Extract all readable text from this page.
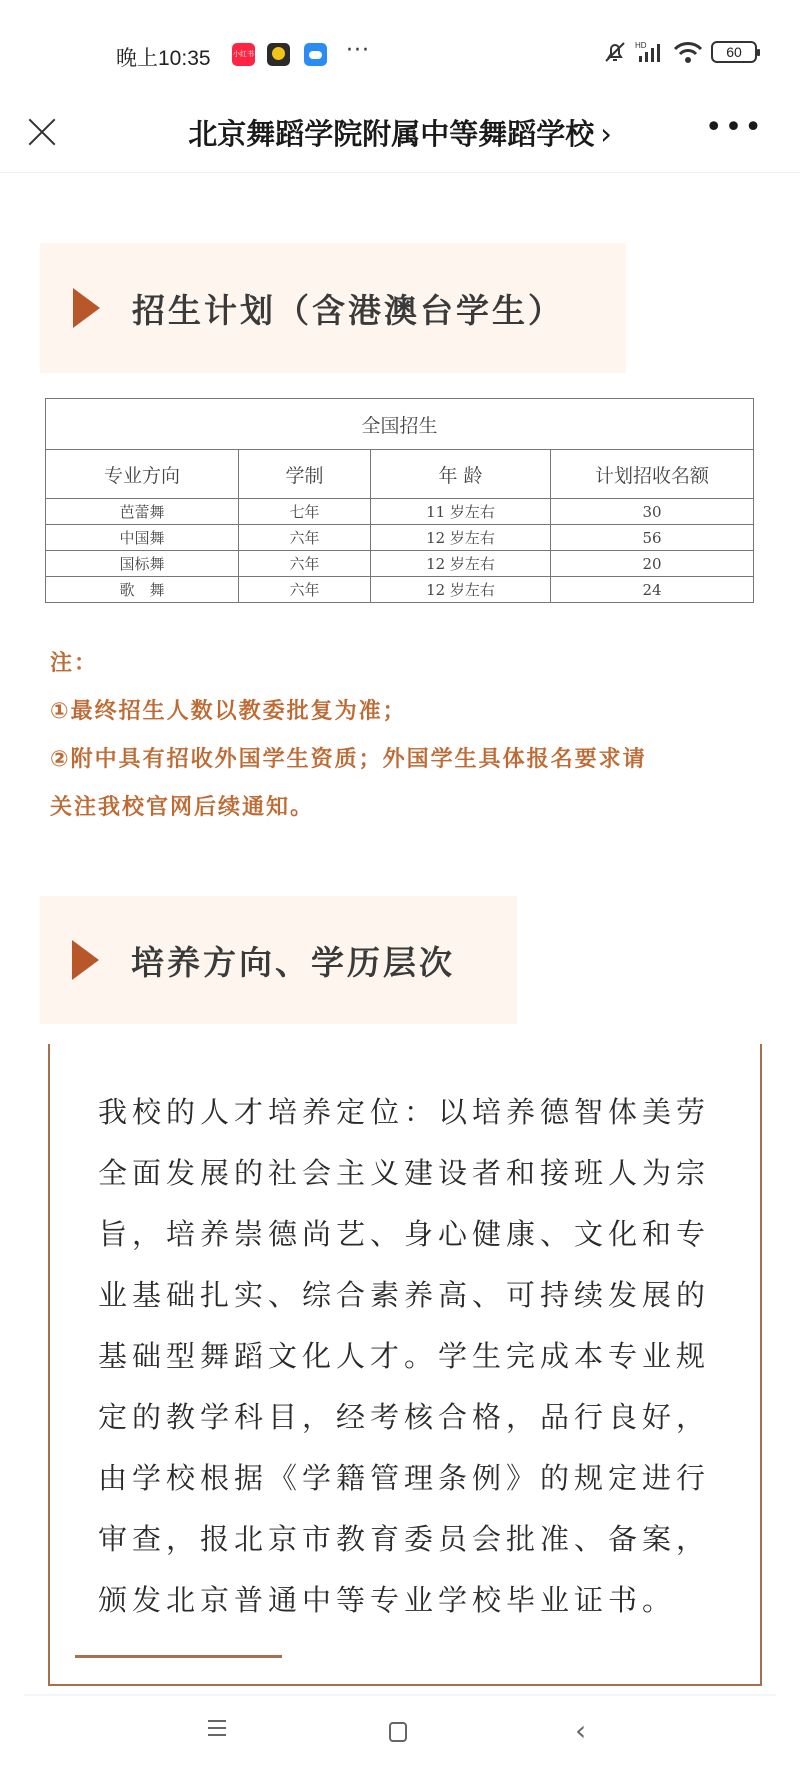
晚上10:35	小红书	···	HD	60
北京舞蹈学院附属中等舞蹈学校 ›	•••
招生计划（含港澳台学生）
全国招生			
专业方向	学制	年 龄	计划招收名额
芭蕾舞	七年	11 岁左右	30
中国舞	六年	12 岁左右	56
国标舞	六年	12 岁左右	20
歌　舞	六年	12 岁左右	24

注：

①最终招生人数以教委批复为准；

②附中具有招收外国学生资质；外国学生具体报名要求请

关注我校官网后续通知。

培养方向、学历层次
我校的人才培养定位：以培养德智体美劳
全面发展的社会主义建设者和接班人为宗
旨，培养崇德尚艺、身心健康、文化和专
业基础扎实、综合素养高、可持续发展的
基础型舞蹈文化人才。学生完成本专业规
定的教学科目，经考核合格，品行良好，
由学校根据《学籍管理条例》的规定进行
审查，报北京市教育委员会批准、备案，
颁发北京普通中等专业学校毕业证书。
‹
